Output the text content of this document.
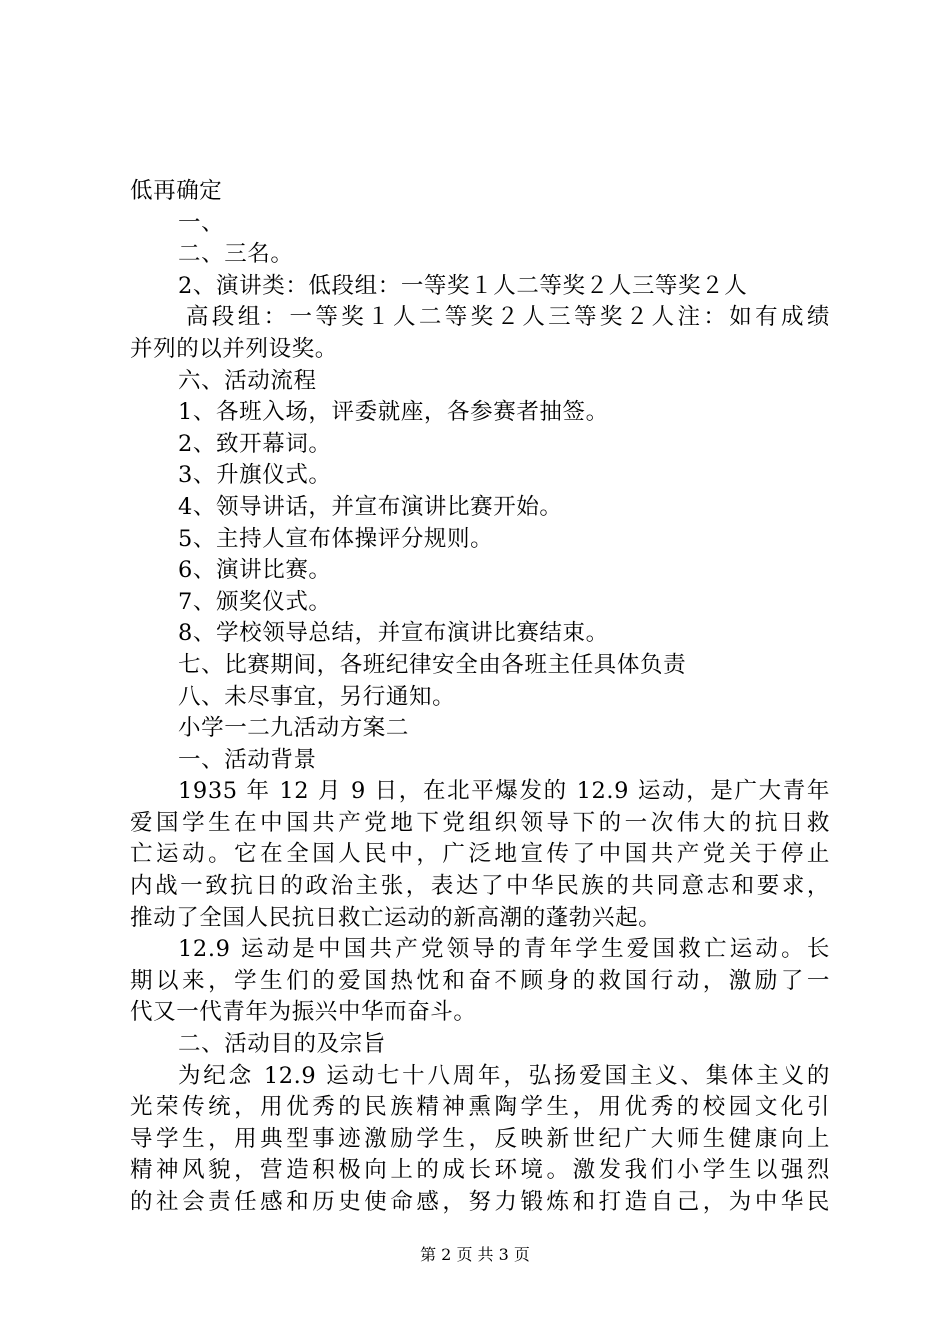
低再确定
一、
二、三名。
2、演讲类：低段组：一等奖１人二等奖２人三等奖２人
高段组：一等奖１人二等奖２人三等奖２人注：如有成绩
并列的以并列设奖。
六、活动流程
1、各班入场，评委就座，各参赛者抽签。
2、致开幕词。
3、升旗仪式。
4、领导讲话，并宣布演讲比赛开始。
5、主持人宣布体操评分规则。
6、演讲比赛。
7、颁奖仪式。
8、学校领导总结，并宣布演讲比赛结束。
七、比赛期间，各班纪律安全由各班主任具体负责
八、未尽事宜，另行通知。
小学一二九活动方案二
一、活动背景
1935 年 12 月 9 日，在北平爆发的 12.9 运动，是广大青年
爱国学生在中国共产党地下党组织领导下的一次伟大的抗日救
亡运动。它在全国人民中，广泛地宣传了中国共产党关于停止
内战一致抗日的政治主张，表达了中华民族的共同意志和要求，
推动了全国人民抗日救亡运动的新高潮的蓬勃兴起。
12.9 运动是中国共产党领导的青年学生爱国救亡运动。长
期以来，学生们的爱国热忱和奋不顾身的救国行动，激励了一
代又一代青年为振兴中华而奋斗。
二、活动目的及宗旨
为纪念 12.9 运动七十八周年，弘扬爱国主义、集体主义的
光荣传统，用优秀的民族精神熏陶学生，用优秀的校园文化引
导学生，用典型事迹激励学生，反映新世纪广大师生健康向上
精神风貌，营造积极向上的成长环境。激发我们小学生以强烈
的社会责任感和历史使命感，努力锻炼和打造自己，为中华民
第 2 页 共 3 页
